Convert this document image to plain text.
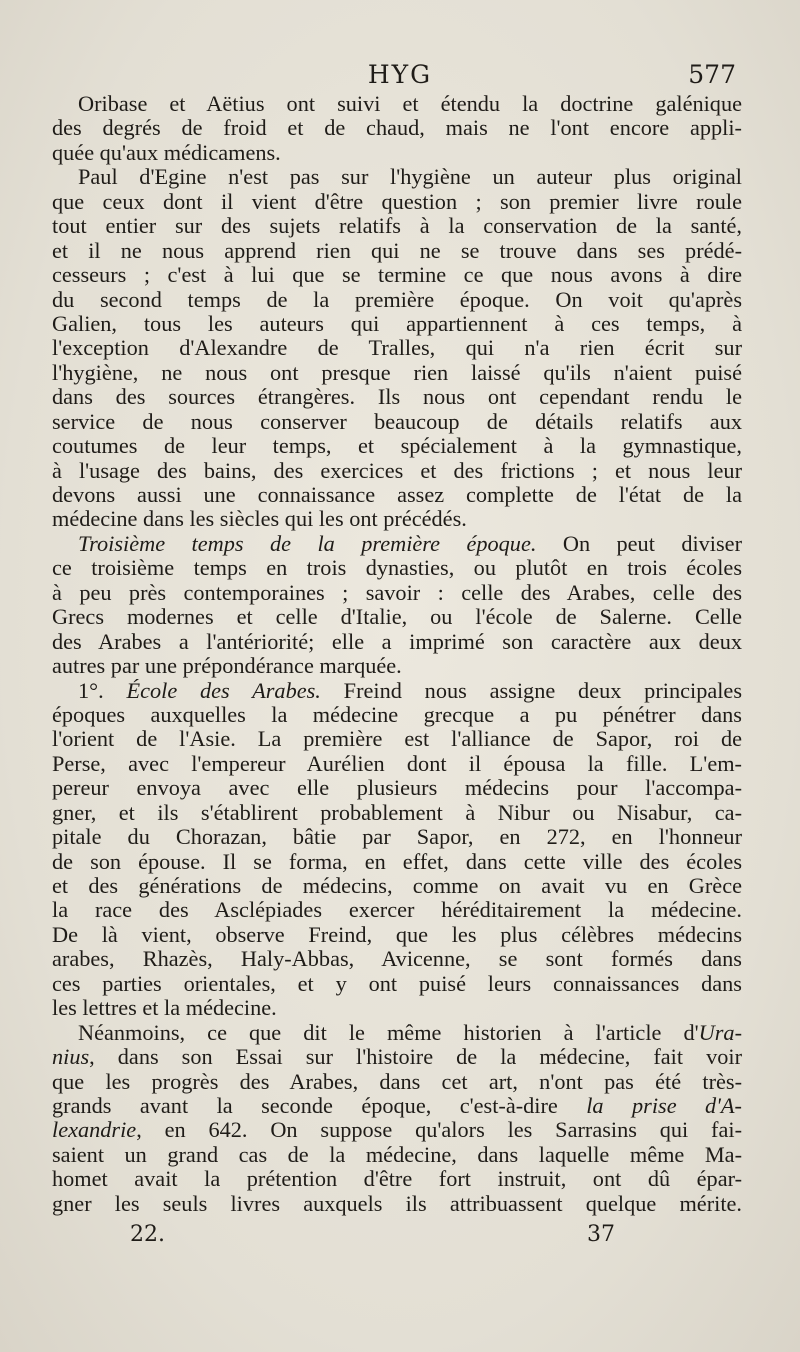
HYG	577
Oribase et Aëtius ont suivi et étendu la doctrine galénique
des degrés de froid et de chaud, mais ne l'ont encore appli-
quée qu'aux médicamens.
Paul d'Egine n'est pas sur l'hygiène un auteur plus original
que ceux dont il vient d'être question ; son premier livre roule
tout entier sur des sujets relatifs à la conservation de la santé,
et il ne nous apprend rien qui ne se trouve dans ses prédé-
cesseurs ; c'est à lui que se termine ce que nous avons à dire
du second temps de la première époque. On voit qu'après
Galien, tous les auteurs qui appartiennent à ces temps, à
l'exception d'Alexandre de Tralles, qui n'a rien écrit sur
l'hygiène, ne nous ont presque rien laissé qu'ils n'aient puisé
dans des sources étrangères. Ils nous ont cependant rendu le
service de nous conserver beaucoup de détails relatifs aux
coutumes de leur temps, et spécialement à la gymnastique,
à l'usage des bains, des exercices et des frictions ; et nous leur
devons aussi une connaissance assez complette de l'état de la
médecine dans les siècles qui les ont précédés.
Troisième temps de la première époque. On peut diviser
ce troisième temps en trois dynasties, ou plutôt en trois écoles
à peu près contemporaines ; savoir : celle des Arabes, celle des
Grecs modernes et celle d'Italie, ou l'école de Salerne. Celle
des Arabes a l'antériorité; elle a imprimé son caractère aux deux
autres par une prépondérance marquée.
1°. École des Arabes. Freind nous assigne deux principales
époques auxquelles la médecine grecque a pu pénétrer dans
l'orient de l'Asie. La première est l'alliance de Sapor, roi de
Perse, avec l'empereur Aurélien dont il épousa la fille. L'em-
pereur envoya avec elle plusieurs médecins pour l'accompa-
gner, et ils s'établirent probablement à Nibur ou Nisabur, ca-
pitale du Chorazan, bâtie par Sapor, en 272, en l'honneur
de son épouse. Il se forma, en effet, dans cette ville des écoles
et des générations de médecins, comme on avait vu en Grèce
la race des Asclépiades exercer héréditairement la médecine.
De là vient, observe Freind, que les plus célèbres médecins
arabes, Rhazès, Haly-Abbas, Avicenne, se sont formés dans
ces parties orientales, et y ont puisé leurs connaissances dans
les lettres et la médecine.
Néanmoins, ce que dit le même historien à l'article d'Ura-
nius, dans son Essai sur l'histoire de la médecine, fait voir
que les progrès des Arabes, dans cet art, n'ont pas été très-
grands avant la seconde époque, c'est-à-dire la prise d'A-
lexandrie, en 642. On suppose qu'alors les Sarrasins qui fai-
saient un grand cas de la médecine, dans laquelle même Ma-
homet avait la prétention d'être fort instruit, ont dû épar-
gner les seuls livres auxquels ils attribuassent quelque mérite.
22.	37
